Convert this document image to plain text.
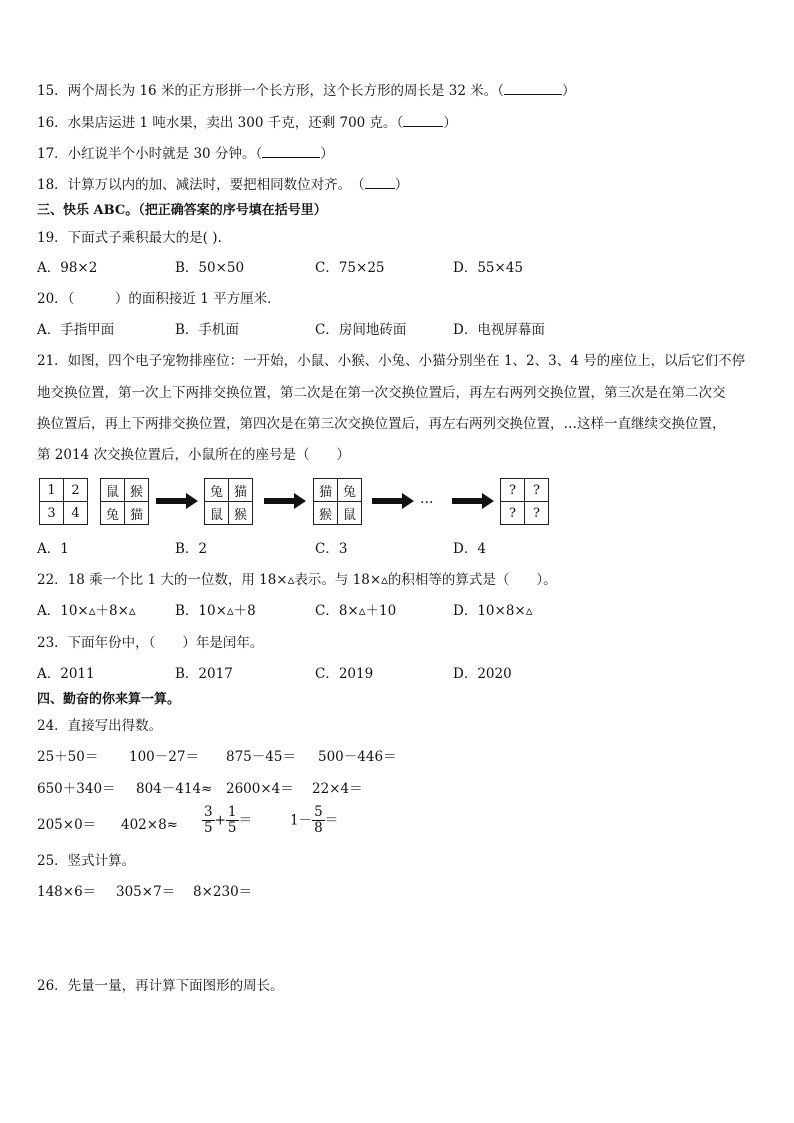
15．两个周长为 16 米的正方形拼一个长方形，这个长方形的周长是 32 米。（	）
16．水果店运进 1 吨水果，卖出 300 千克，还剩 700 克。（	）
17．小红说半个小时就是 30 分钟。（	）
18．计算万以内的加、减法时，要把相同数位对齐。　（ ）
三、快乐 ABC。（把正确答案的序号填在括号里）
19．下面式子乘积最大的是( ).
A．98×2	B．50×50	C．75×25	D．55×45
20．（　　　）的面积接近 1 平方厘米．
A．手指甲面	B．手机面	C．房间地砖面	D．电视屏幕面
21．如图，四个电子宠物排座位：一开始，小鼠、小猴、小兔、小猫分别坐在 1、2、3、4 号的座位上，以后它们不停
地交换位置，第一次上下两排交换位置，第二次是在第一次交换位置后，再左右两列交换位置，第三次是在第二次交
换位置后，再上下两排交换位置，第四次是在第三次交换位置后，再左右两列交换位置，…这样一直继续交换位置，
第 2014 次交换位置后，小鼠所在的座号是（　　）
1	2
3	4
鼠	猴
兔	猫
兔	猫
鼠	猴
猫	兔
猴	鼠
…
?	?
?	?
A．1	B．2	C．3	D．4
22．18 乘一个比 1 大的一位数，用 18×▵表示。与 18×▵的积相等的算式是（　　）。
A．10×▵＋8×▵	B．10×▵＋8	C．8×▵＋10	D．10×8×▵
23．下面年份中，（　　）年是闰年。
A．2011	B．2017	C．2019	D．2020
四、勤奋的你来算一算。
24．直接写出得数。
25＋50＝ 100－27＝ 875－45＝ 500－446＝
650＋340＝ 804－414≈ 2600×4＝ 22×4＝
$205\times 0= 402\times 8\approx \frac{3}{5} + \frac{1}{5}$ ＝	$1- \frac{5}{8}$ ＝
25．竖式计算。
148×6＝ 305×7＝ 8×230＝
26．先量一量，再计算下面图形的周长。
